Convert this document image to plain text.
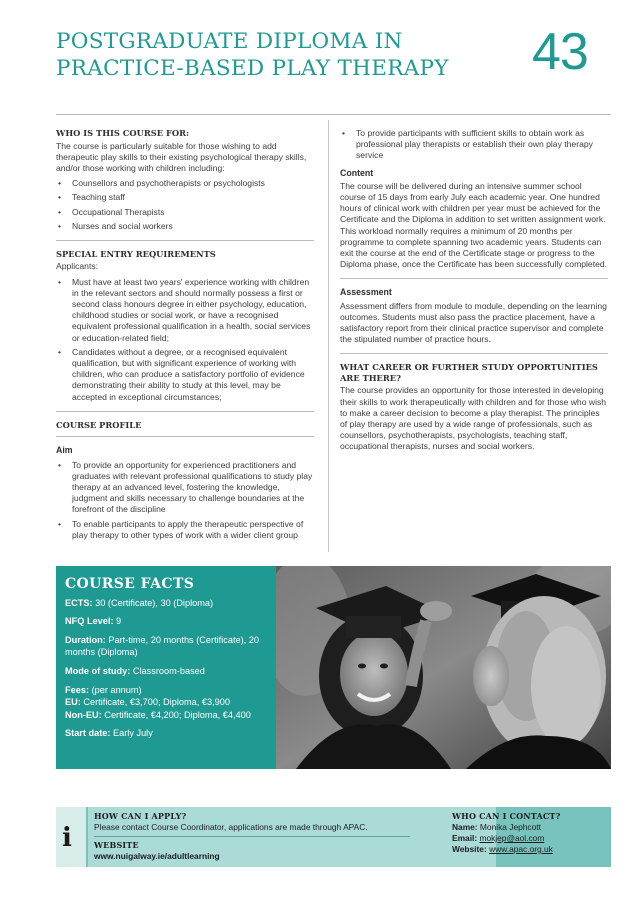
POSTGRADUATE DIPLOMA IN
PRACTICE-BASED PLAY THERAPY	43
WHO IS THIS COURSE FOR:

The course is particularly suitable for those wishing to add therapeutic play skills to their existing psychological therapy skills, and/or those working with children including:

• Counsellors and psychotherapists or psychologists
• Teaching staff
• Occupational Therapists
• Nurses and social workers
SPECIAL ENTRY REQUIREMENTS

Applicants:

• Must have at least two years' experience working with children in the relevant sectors and should normally possess a first or second class honours degree in either psychology, education, childhood studies or social work, or have a recognised equivalent professional qualification in a health, social services or education-related field;
• Candidates without a degree, or a recognised equivalent qualification, but with significant experience of working with children, who can produce a satisfactory portfolio of evidence demonstrating their ability to study at this level, may be accepted in exceptional circumstances;
COURSE PROFILE
Aim
• To provide an opportunity for experienced practitioners and graduates with relevant professional qualifications to study play therapy at an advanced level, fostering the knowledge, judgment and skills necessary to challenge boundaries at the forefront of the discipline
• To enable participants to apply the therapeutic perspective of play therapy to other types of work with a wider client group
• To provide participants with sufficient skills to obtain work as professional play therapists or establish their own play therapy service
Content

The course will be delivered during an intensive summer school course of 15 days from early July each academic year. One hundred hours of clinical work with children per year must be achieved for the Certificate and the Diploma in addition to set written assignment work. This workload normally requires a minimum of 20 months per programme to complete spanning two academic years. Students can exit the course at the end of the Certificate stage or progress to the Diploma phase, once the Certificate has been successfully completed.

Assessment

Assessment differs from module to module, depending on the learning outcomes. Students must also pass the practice placement, have a satisfactory report from their clinical practice supervisor and complete the stipulated number of practice hours.

WHAT CAREER OR FURTHER STUDY OPPORTUNITIES ARE THERE?

The course provides an opportunity for those interested in developing their skills to work therapeutically with children and for those who wish to make a career decision to become a play therapist. The principles of play therapy are used by a wide range of professionals, such as counsellors, psychotherapists, psychologists, teaching staff, occupational therapists, nurses and social workers.

COURSE FACTS
ECTS: 30 (Certificate), 30 (Diploma)
NFQ Level: 9
Duration: Part-time, 20 months (Certificate), 20 months (Diploma)
Mode of study: Classroom-based
Fees: (per annum)
EU: Certificate, €3,700; Diploma, €3,900
Non-EU: Certificate, €4,200; Diploma, €4,400
Start date: Early July
i
HOW CAN I APPLY?
Please contact Course Coordinator, applications are made through APAC.
WEBSITE
www.nuigalway.ie/adultlearning
WHO CAN I CONTACT?
Name: Monika Jephcott
Email: mokjep@aol.com
Website: www.apac.org.uk
